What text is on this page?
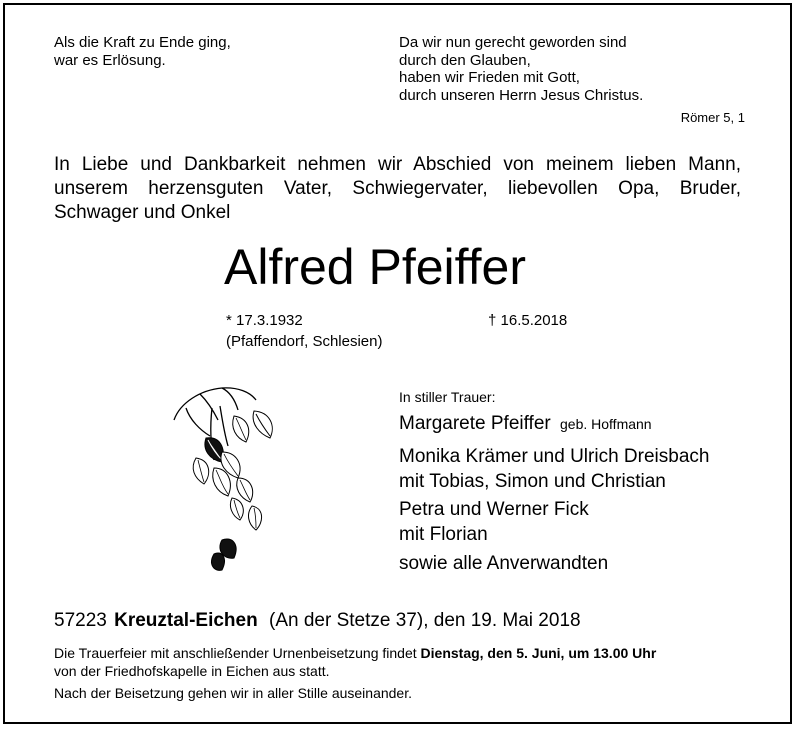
Als die Kraft zu Ende ging,
war es Erlösung.
Da wir nun gerecht geworden sind
durch den Glauben,
haben wir Frieden mit Gott,
durch unseren Herrn Jesus Christus.
Römer 5, 1
In Liebe und Dankbarkeit nehmen wir Abschied von meinem lieben Mann,
unserem herzensguten Vater, Schwiegervater, liebevollen Opa, Bruder,
Schwager und Onkel
Alfred Pfeiffer
* 17.3.1932
(Pfaffendorf, Schlesien)
† 16.5.2018
In stiller Trauer:
Margarete Pfeiffer geb. Hoffmann
Monika Krämer und Ulrich Dreisbach
mit Tobias, Simon und Christian
Petra und Werner Fick
mit Florian
sowie alle Anverwandten
57223 Kreuztal-Eichen (An der Stetze 37), den 19. Mai 2018
Die Trauerfeier mit anschließender Urnenbeisetzung findet Dienstag, den 5. Juni, um 13.00 Uhr
von der Friedhofskapelle in Eichen aus statt.
Nach der Beisetzung gehen wir in aller Stille auseinander.
